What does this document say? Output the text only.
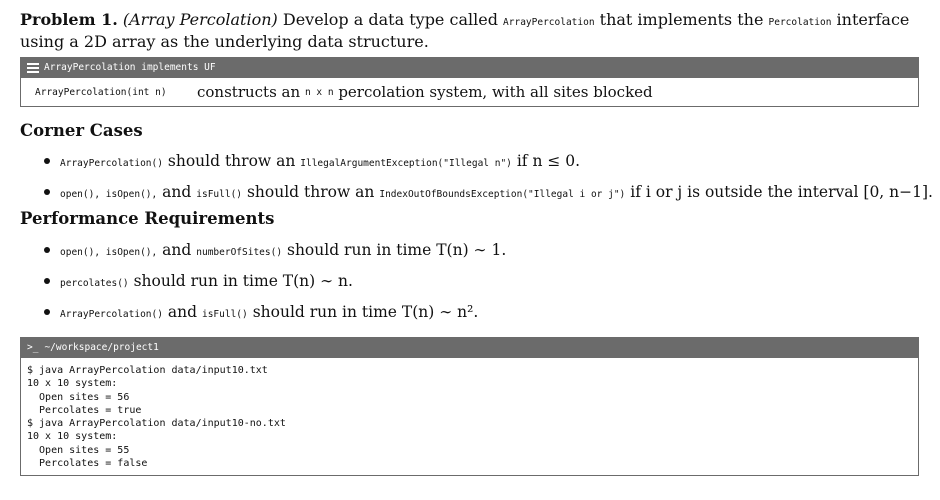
Problem 1. (Array Percolation) Develop a data type called ArrayPercolation that implements the Percolation interface using a 2D array as the underlying data structure.
ArrayPercolation implements UF
ArrayPercolation(int n)	constructs an
n x n
percolation system, with all sites blocked
Corner Cases
ArrayPercolation() should throw an IllegalArgumentException("Illegal n") if n ≤ 0.
open(), isOpen(), and isFull() should throw an IndexOutOfBoundsException("Illegal i or j") if i or j is outside the interval [0, n−1].
Performance Requirements
open(), isOpen(), and numberOfSites() should run in time T(n) ∼ 1.
percolates() should run in time T(n) ∼ n.
ArrayPercolation() and isFull() should run in time T(n) ∼ n².
>_ ~/workspace/project1
$ java ArrayPercolation data/input10.txt
10 x 10 system:
Open sites = 56
Percolates = true
$ java ArrayPercolation data/input10-no.txt
10 x 10 system:
Open sites = 55
Percolates = false
